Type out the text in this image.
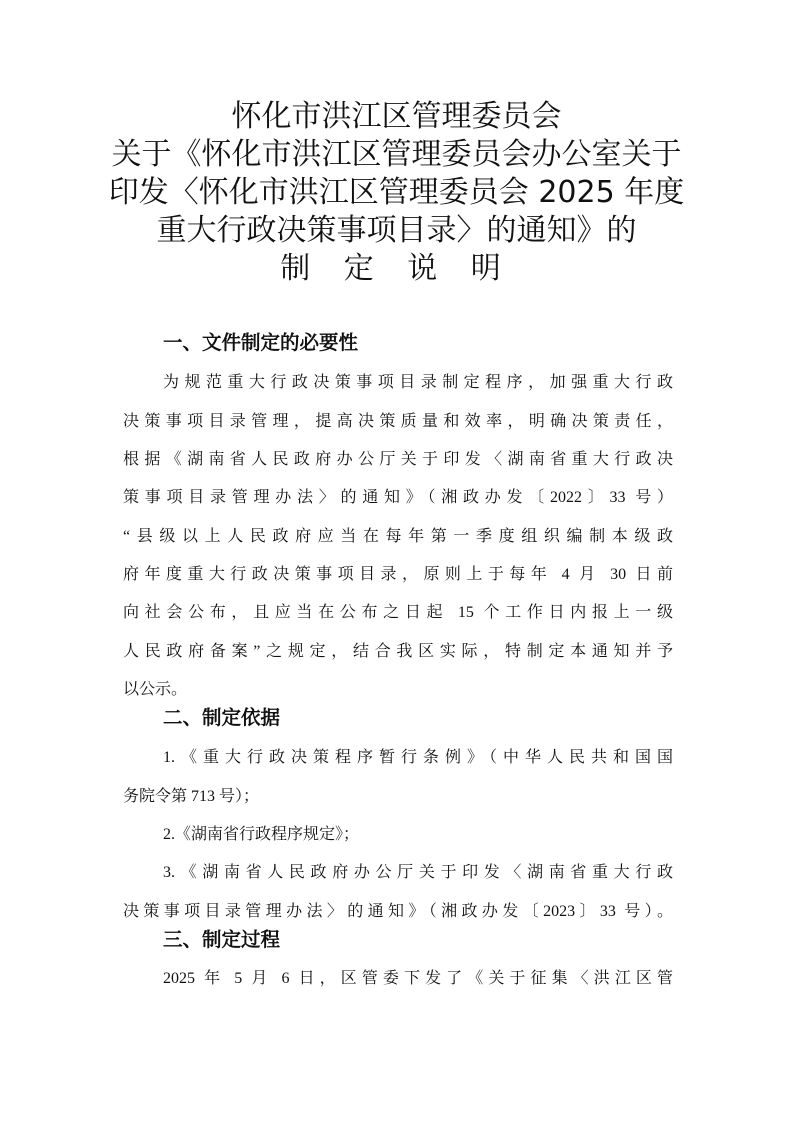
怀化市洪江区管理委员会
关于《怀化市洪江区管理委员会办公室关于
印发〈怀化市洪江区管理委员会 2025 年度
重大行政决策事项目录〉的通知》的
制 定 说 明
一、文件制定的必要性
为规范重大行政决策事项目录制定程序，加强重大行政
决策事项目录管理，提高决策质量和效率，明确决策责任，
根据《湖南省人民政府办公厅关于印发〈湖南省重大行政决
策事项目录管理办法〉的通知》（湘政办发〔2022〕33 号）
“县级以上人民政府应当在每年第一季度组织编制本级政
府年度重大行政决策事项目录，原则上于每年 4 月 30 日前
向社会公布，且应当在公布之日起 15 个工作日内报上一级
人民政府备案”之规定，结合我区实际，特制定本通知并予
以公示。
二、制定依据
1.《重大行政决策程序暂行条例》（中华人民共和国国
务院令第 713 号）；
2.《湖南省行政程序规定》；
3.《湖南省人民政府办公厅关于印发〈湖南省重大行政
决策事项目录管理办法〉的通知》（湘政办发〔2023〕33 号）。
三、制定过程
2025 年 5 月 6 日，区管委下发了《关于征集〈洪江区管
